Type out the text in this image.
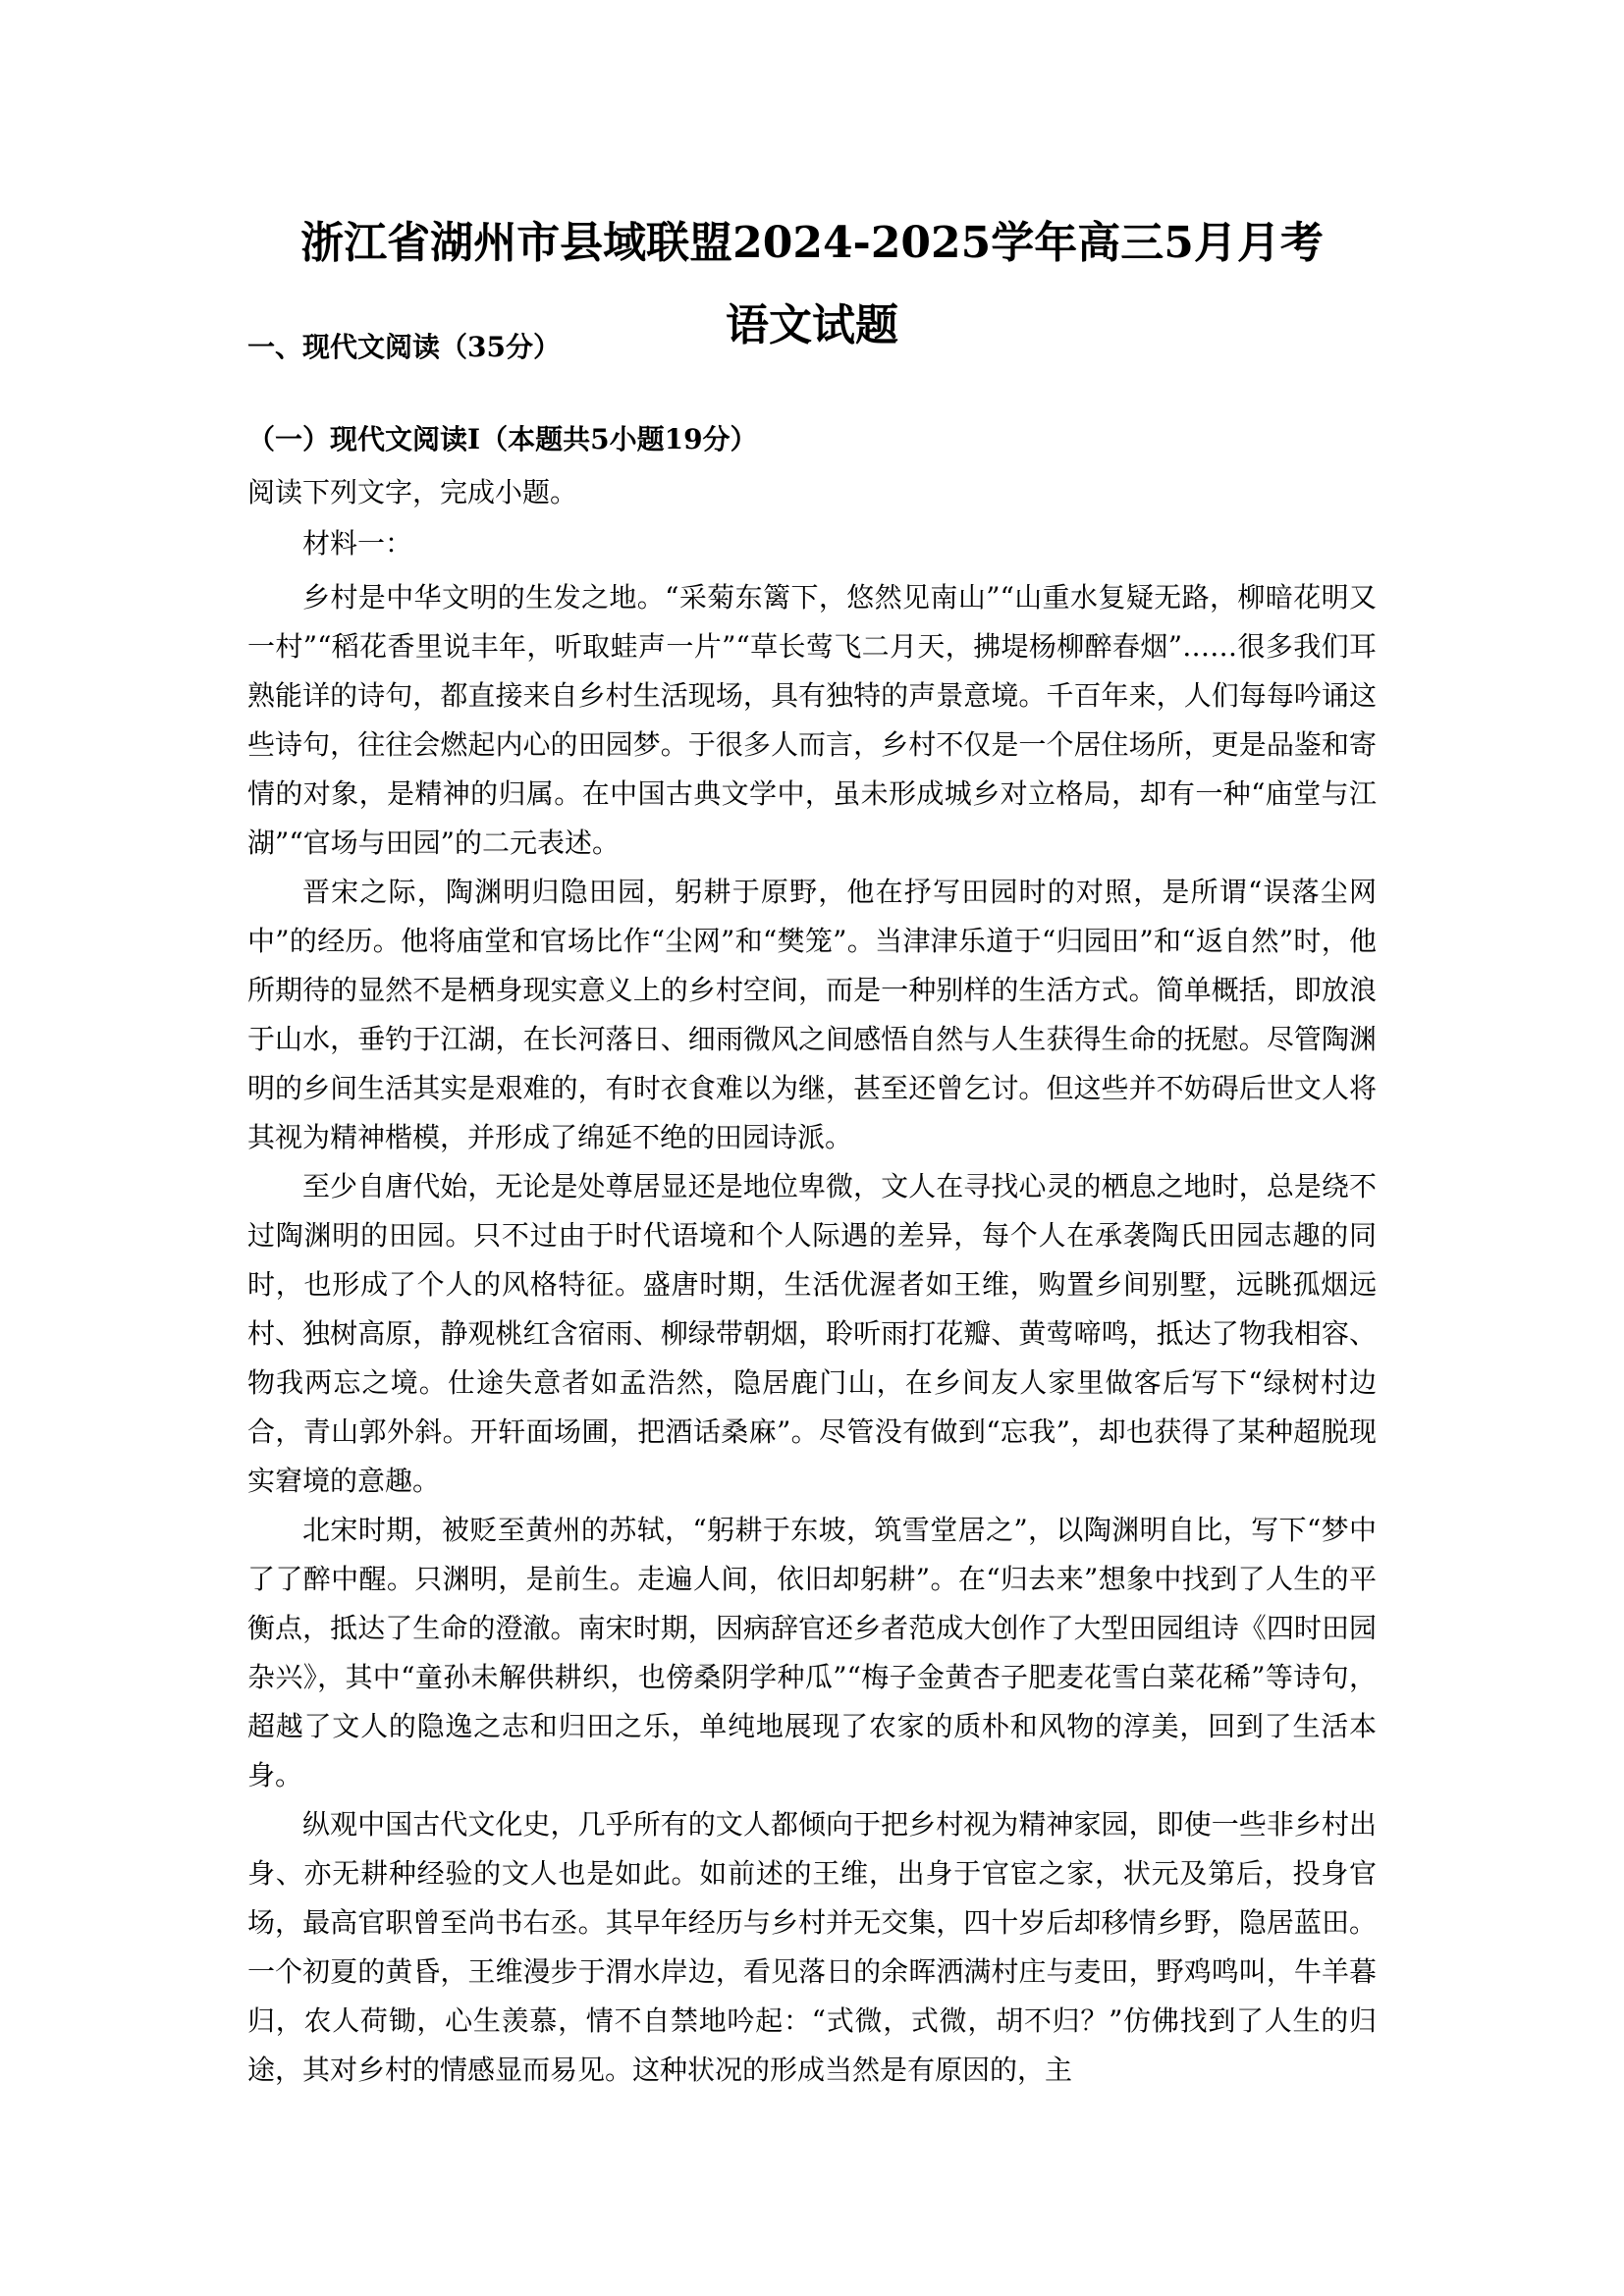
浙江省湖州市县域联盟2024-2025学年高三5月月考
语文试题
一、现代文阅读（35分）
（一）现代文阅读Ⅰ（本题共5小题19分）
阅读下列文字，完成小题。
材料一：

乡村是中华文明的生发之地。“采菊东篱下，悠然见南山”“山重水复疑无路，柳暗花明又一村”“稻花香里说丰年，听取蛙声一片”“草长莺飞二月天，拂堤杨柳醉春烟”……很多我们耳熟能详的诗句，都直接来自乡村生活现场，具有独特的声景意境。千百年来，人们每每吟诵这些诗句，往往会燃起内心的田园梦。于很多人而言，乡村不仅是一个居住场所，更是品鉴和寄情的对象，是精神的归属。在中国古典文学中，虽未形成城乡对立格局，却有一种“庙堂与江湖”“官场与田园”的二元表述。

晋宋之际，陶渊明归隐田园，躬耕于原野，他在抒写田园时的对照，是所谓“误落尘网中”的经历。他将庙堂和官场比作“尘网”和“樊笼”。当津津乐道于“归园田”和“返自然”时，他所期待的显然不是栖身现实意义上的乡村空间，而是一种别样的生活方式。简单概括，即放浪于山水，垂钓于江湖，在长河落日、细雨微风之间感悟自然与人生获得生命的抚慰。尽管陶渊明的乡间生活其实是艰难的，有时衣食难以为继，甚至还曾乞讨。但这些并不妨碍后世文人将其视为精神楷模，并形成了绵延不绝的田园诗派。

至少自唐代始，无论是处尊居显还是地位卑微，文人在寻找心灵的栖息之地时，总是绕不过陶渊明的田园。只不过由于时代语境和个人际遇的差异，每个人在承袭陶氏田园志趣的同时，也形成了个人的风格特征。盛唐时期，生活优渥者如王维，购置乡间别墅，远眺孤烟远村、独树高原，静观桃红含宿雨、柳绿带朝烟，聆听雨打花瓣、黄莺啼鸣，抵达了物我相容、物我两忘之境。仕途失意者如孟浩然，隐居鹿门山，在乡间友人家里做客后写下“绿树村边合，青山郭外斜。开轩面场圃，把酒话桑麻”。尽管没有做到“忘我”，却也获得了某种超脱现实窘境的意趣。

北宋时期，被贬至黄州的苏轼，“躬耕于东坡，筑雪堂居之”，以陶渊明自比，写下“梦中了了醉中醒。只渊明，是前生。走遍人间，依旧却躬耕”。在“归去来”想象中找到了人生的平衡点，抵达了生命的澄澈。南宋时期，因病辞官还乡者范成大创作了大型田园组诗《四时田园杂兴》，其中“童孙未解供耕织，也傍桑阴学种瓜”“梅子金黄杏子肥麦花雪白菜花稀”等诗句，超越了文人的隐逸之志和归田之乐，单纯地展现了农家的质朴和风物的淳美，回到了生活本身。

纵观中国古代文化史，几乎所有的文人都倾向于把乡村视为精神家园，即使一些非乡村出身、亦无耕种经验的文人也是如此。如前述的王维，出身于官宦之家，状元及第后，投身官场，最高官职曾至尚书右丞。其早年经历与乡村并无交集，四十岁后却移情乡野，隐居蓝田。一个初夏的黄昏，王维漫步于渭水岸边，看见落日的余晖洒满村庄与麦田，野鸡鸣叫，牛羊暮归，农人荷锄，心生羡慕，情不自禁地吟起：“式微，式微，胡不归？”仿佛找到了人生的归途，其对乡村的情感显而易见。这种状况的形成当然是有原因的，主
